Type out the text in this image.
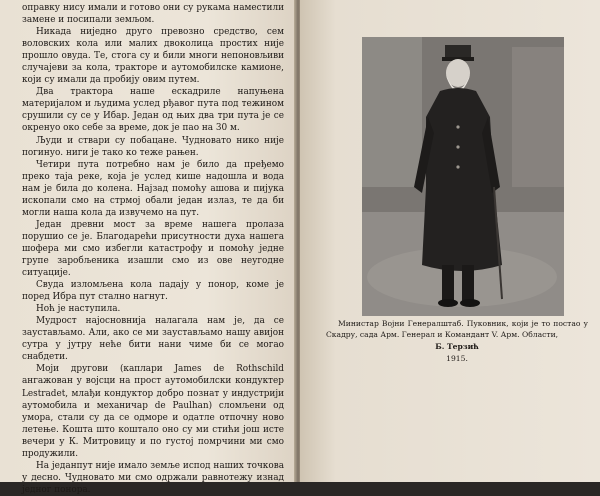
оправку нису имали и готово они су рукама наместили замене и посипали земљом.

Никада ниједно друго превозно средство, сем воловских кола или малих двоколица простих није прошло овуда. Те, стога су и били многи непоновљиви случајеви за кола, тракторе и аутомобилске камионе, који су имали да пробију овим путем.

Два трактора наше ескадриле напуњена материјалом и људима услед рђавог пута под тежином срушили су се у Ибар. Један од њих два три пута је се окренуо око себе за време, док је пао на 30 м.

Људи и ствари су побацане. Чудновато нико није погинуо. ниги је тако ко теже рањен.

Четири пута потребно нам је било да пређемо преко таја реке, која је услед кише надошла и вода нам је била до колена. Најзад помоћу ашова и пијука ископали смо на стрмој обали један излаз, те да би могли наша кола да извучемо на пут.

Један древни мост за време нашега пролаза порушио се је. Благодарећи присутности духа нашега шофера ми смо избегли катастрофу и помоћу једне групе заробљеника изашли смо из ове неугодне ситуације.

Свуда изломљена кола падају у понор, коме је поред Ибра пут стално нагнут.

Ноћ је наступила.

Мудрост најосновнија налагала нам је, да се заустављамо. Али, ако се ми заустављамо нашу авијон сутра у јутру неће бити нани чиме би се могао снабдети.

Моји другови (каплари James de Rothschild ангажован у војсци на прост аутомобилски кондуктер Lestradet, млађи кондуктор добро познат у индустрији аутомобила и механичар de Paulhan) сломљени од умора, стали су да се одморе и одатле отпочну ново летење. Кошта што коштало оно су ми стићи још исте вечери у К. Митровицу и по густој помрчини ми смо продужили.

На једанпут није имало земље испод наших точкова у десно. Чудновато ми смо одржали равнотежу изнад једног понора.

Министар Војни Генералштаб. Пуковник, који је то постао у Скадру, сада Арм. Генерал и Командант V. Арм. Области,
Б. Терзић
1915.
